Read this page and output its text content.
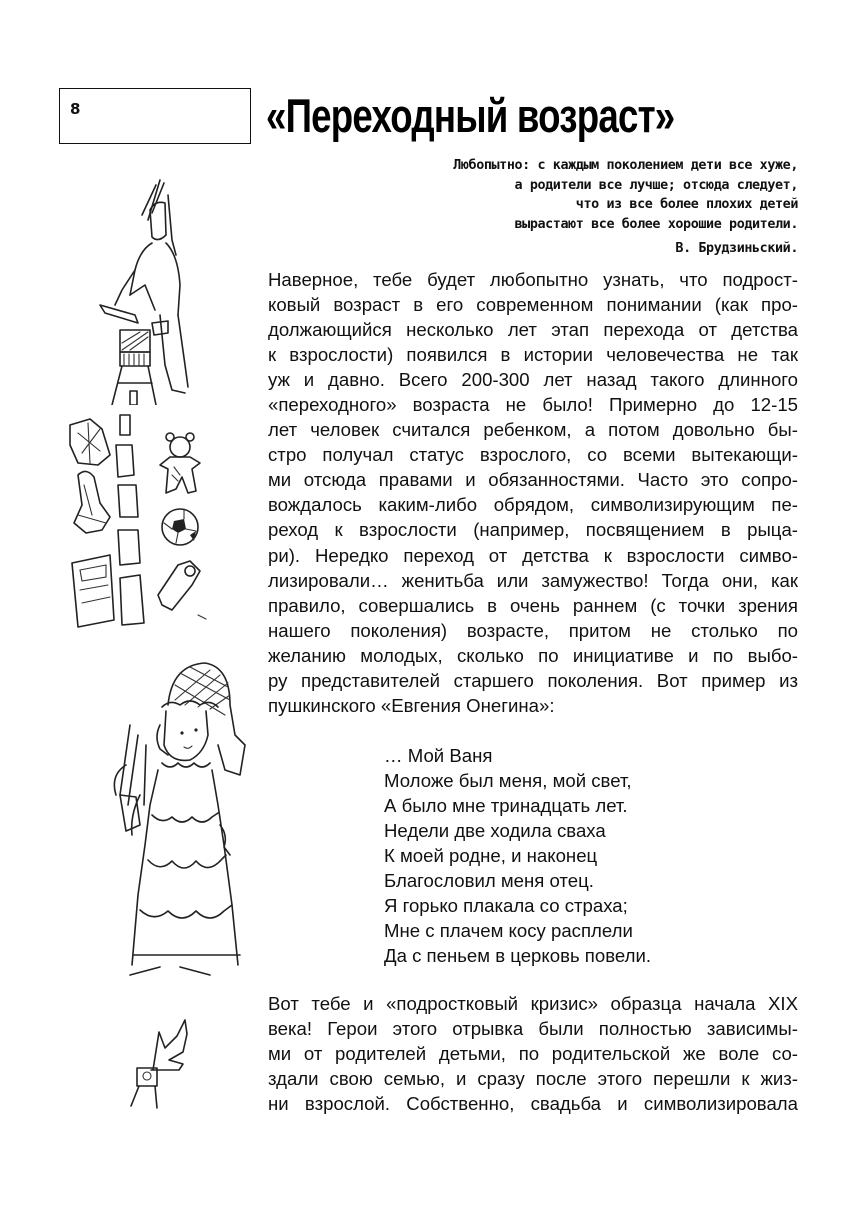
8	«Переходный возраст»
Любопытно: с каждым поколением дети все хуже,
а родители все лучше; отсюда следует,
что из все более плохих детей
вырастают все более хорошие родители.
В. Брудзиньский.
Наверное, тебе будет любопытно узнать, что подрост-
ковый возраст в его современном понимании (как про-
должающийся несколько лет этап перехода от детства
к взрослости) появился в истории человечества не так
уж и давно. Всего 200-300 лет назад такого длинного
«переходного» возраста не было! Примерно до 12-15
лет человек считался ребенком, а потом довольно бы-
стро получал статус взрослого, со всеми вытекающи-
ми отсюда правами и обязанностями. Часто это сопро-
вождалось каким-либо обрядом, символизирующим пе-
реход к взрослости (например, посвящением в рыца-
ри). Нередко переход от детства к взрослости симво-
лизировали… женитьба или замужество! Тогда они, как
правило, совершались в очень раннем (с точки зрения
нашего поколения) возрасте, притом не столько по
желанию молодых, сколько по инициативе и по выбо-
ру представителей старшего поколения. Вот пример из
пушкинского «Евгения Онегина»:
… Мой Ваня
Моложе был меня, мой свет,
А было мне тринадцать лет.
Недели две ходила сваха
К моей родне, и наконец
Благословил меня отец.
Я горько плакала со страха;
Мне с плачем косу расплели
Да с пеньем в церковь повели.
Вот тебе и «подростковый кризис» образца начала XIX
века! Герои этого отрывка были полностью зависимы-
ми от родителей детьми, по родительской же воле со-
здали свою семью, и сразу после этого перешли к жиз-
ни взрослой. Собственно, свадьба и символизировала
